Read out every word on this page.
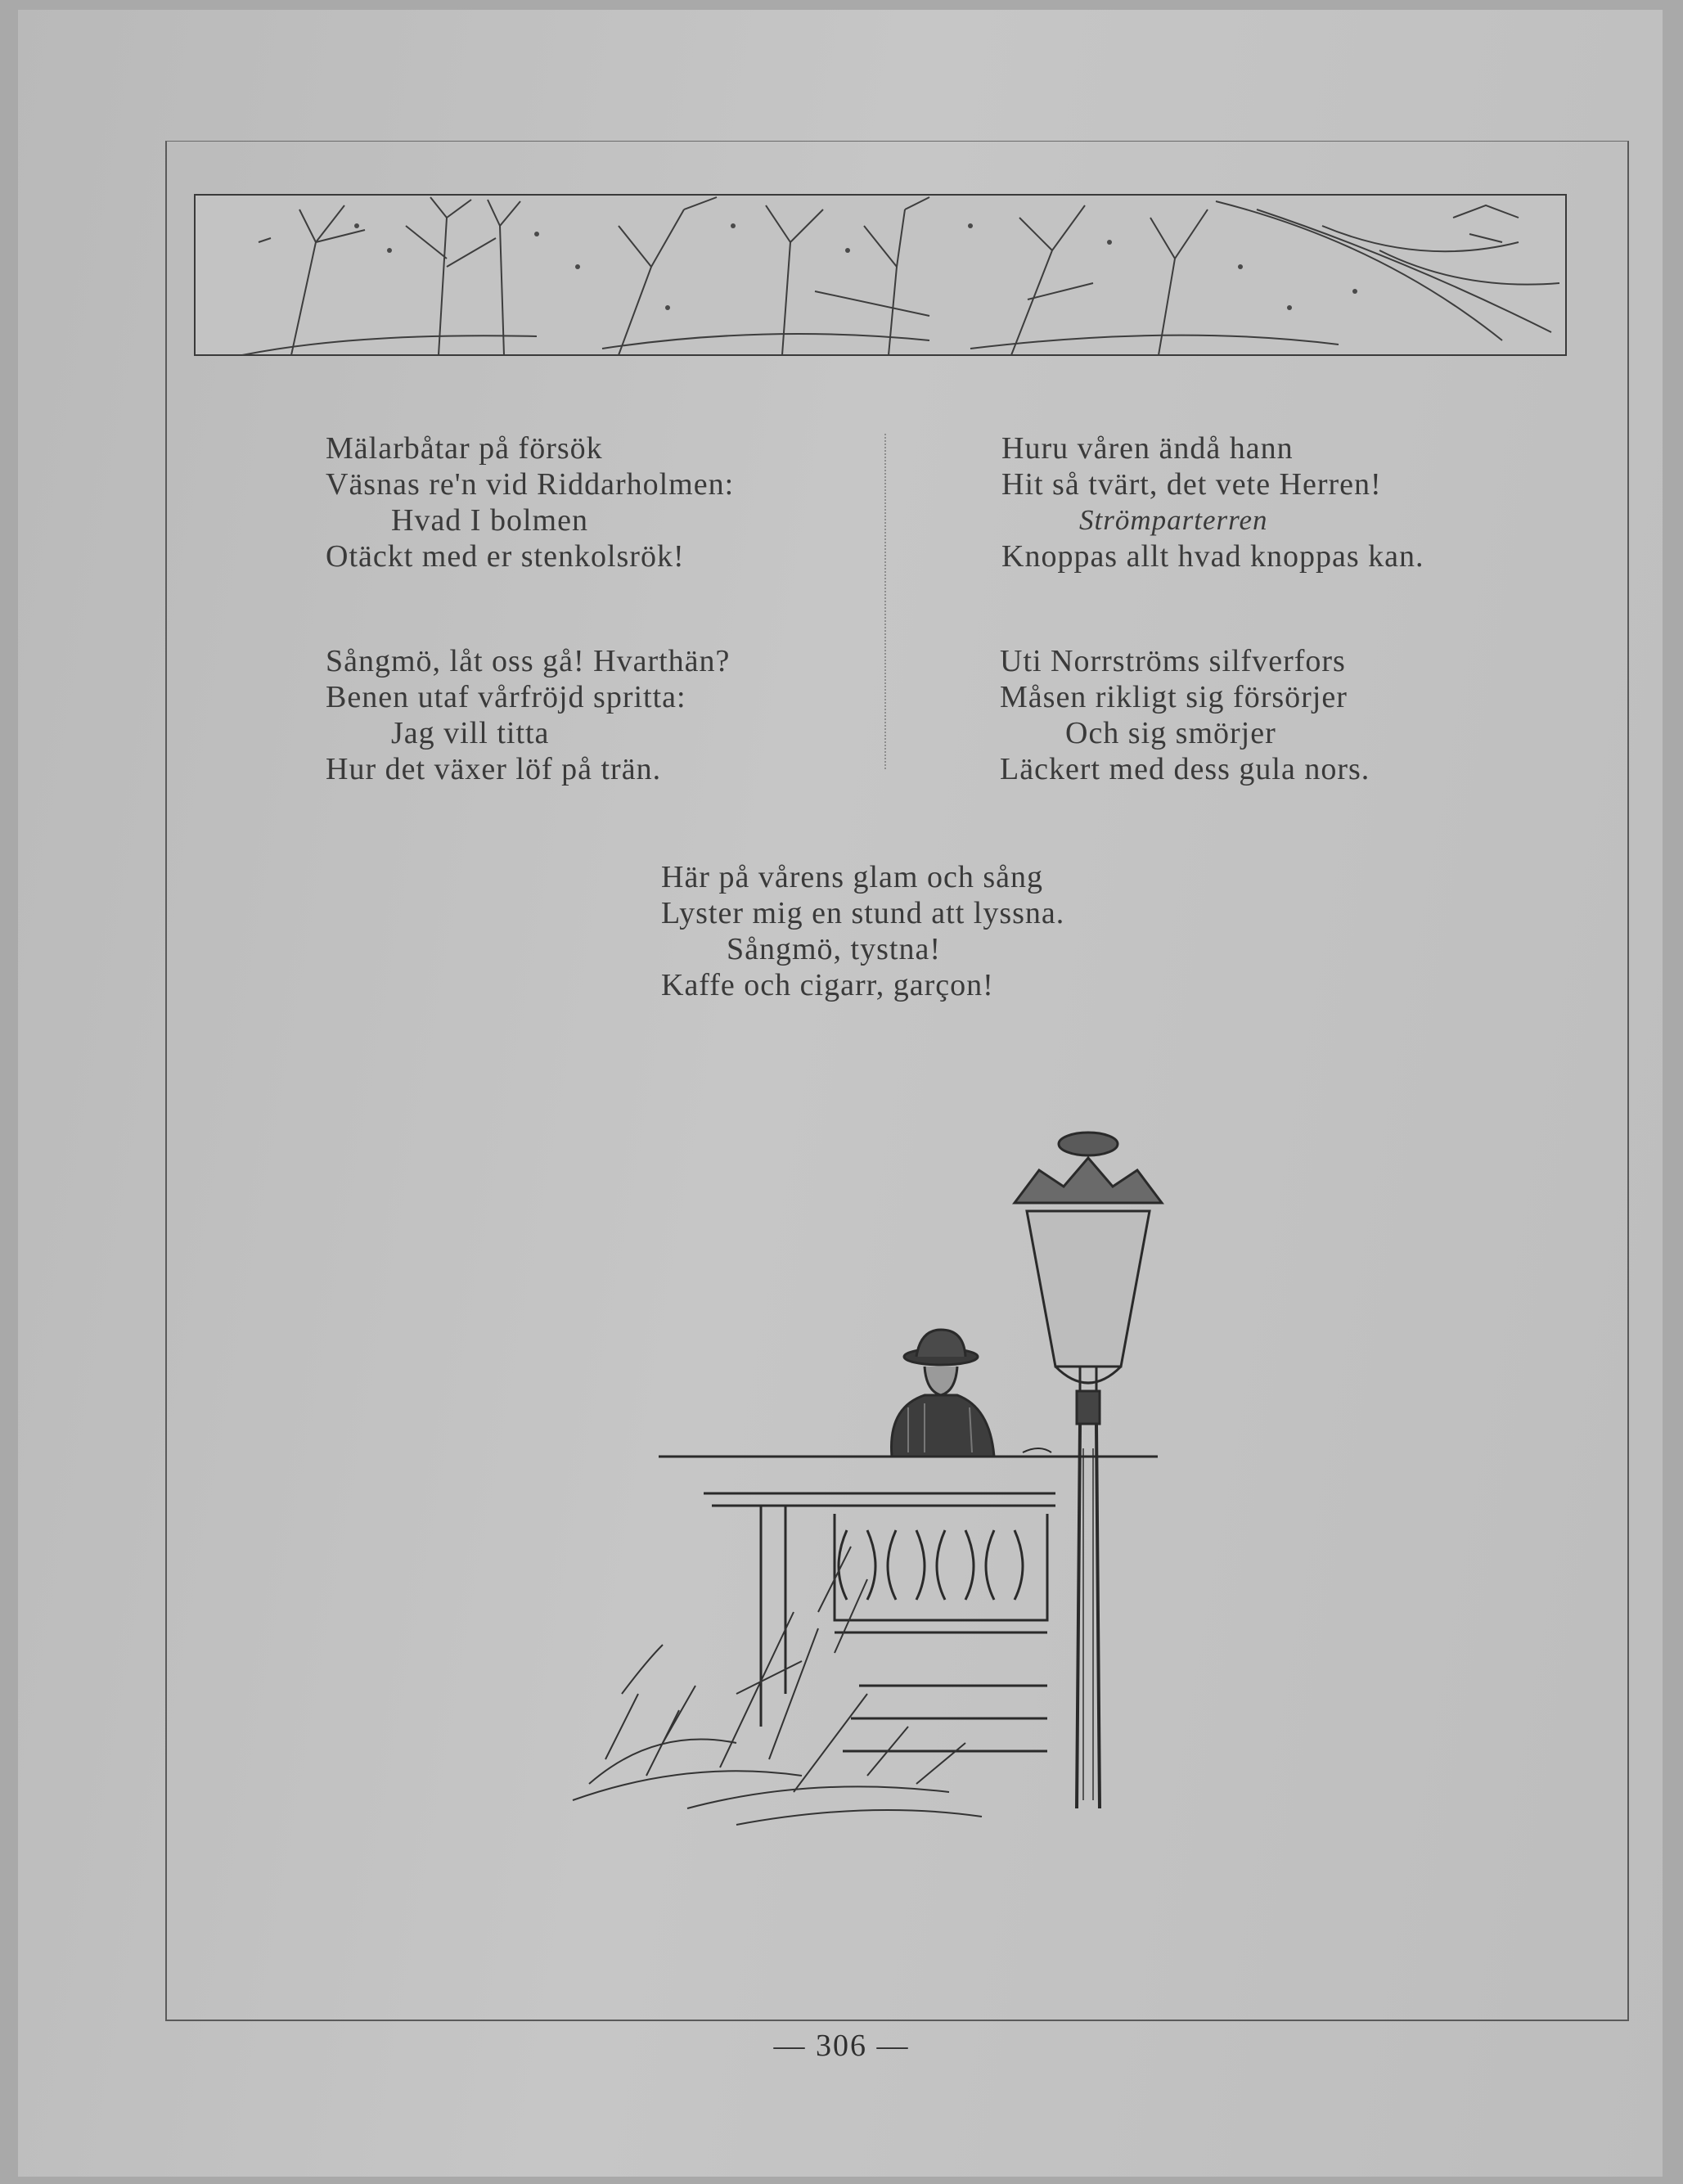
Mälarbåtar på försök
Väsnas re'n vid Riddarholmen:
Hvad I bolmen
Otäckt med er stenkolsrök!
Huru våren ändå hann
Hit så tvärt, det vete Herren!
Strömparterren
Knoppas allt hvad knoppas kan.
Sångmö, låt oss gå! Hvarthän?
Benen utaf vårfröjd spritta:
Jag vill titta
Hur det växer löf på trän.
Uti Norrströms silfverfors
Måsen rikligt sig försörjer
Och sig smörjer
Läckert med dess gula nors.
Här på vårens glam och sång
Lyster mig en stund att lyssna.
Sångmö, tystna!
Kaffe och cigarr, garçon!
— 306 —
